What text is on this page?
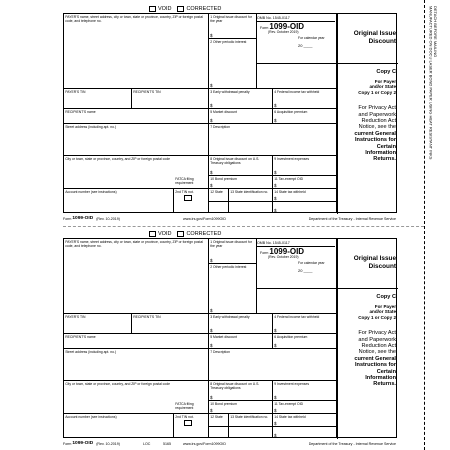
VOID	CORRECTED
PAYER'S name, street address, city or town, state or province, country, ZIP or foreign postal code, and telephone no.
1 Original issue discount for the year
$
2 Other periodic interest
$
PAYER'S TIN	RECIPIENT'S TIN	3 Early withdrawal penalty
$
4 Federal income tax withheld
$
RECIPIENT'S name	5 Market discount
$
6 Acquisition premium
$
Street address (including apt. no.)	7 Description
City or town, state or province, country, and ZIP or foreign postal code	8 Original issue discount on U.S. Treasury obligations
$
9 Investment expenses
$
10 Bond premium
$
11 Tax-exempt OID
$
FATCA filing requirement
Account number (see instructions)	2nd TIN not.	12 State	13 State identification no.	14 State tax withheld
$
$
Original Issue
Discount
Copy C
For Payer
and/or State
Copy 1 or Copy 2
For Privacy Act
and Paperwork
Reduction Act
Notice, see the
current General
Instructions for
Certain
Information
Returns.
OMB No. 1545-0117
Form1099-OID
(Rev. October 2019)
For calendar year
20 ____
Form 1099-OID (Rev. 10-2019)	www.irs.gov/Form1099OID	Department of the Treasury - Internal Revenue Service
VOID	CORRECTED
PAYER'S name, street address, city or town, state or province, country, ZIP or foreign postal code, and telephone no.
1 Original issue discount for the year
$
2 Other periodic interest
$
PAYER'S TIN	RECIPIENT'S TIN	3 Early withdrawal penalty
$
4 Federal income tax withheld
$
RECIPIENT'S name	5 Market discount
$
6 Acquisition premium
$
Street address (including apt. no.)	7 Description
City or town, state or province, country, and ZIP or foreign postal code	8 Original issue discount on U.S. Treasury obligations
$
9 Investment expenses
$
10 Bond premium
$
11 Tax-exempt OID
$
FATCA filing requirement
Account number (see instructions)	2nd TIN not.	12 State	13 State identification no.	14 State tax withheld
$
$
Original Issue
Discount
Copy C
For Payer
and/or State
Copy 1 or Copy 2
For Privacy Act
and Paperwork
Reduction Act
Notice, see the
current General
Instructions for
Certain
Information
Returns.
OMB No. 1545-0117
Form1099-OID
(Rev. October 2019)
For calendar year
20 ____
Form 1099-OID (Rev. 10-2019)	LOC	5165	www.irs.gov/Form1099OID	Department of the Treasury - Internal Revenue Service
DETACH BEFORE MAILING
MANUFACTURED ON DOCU LASER BOND PAPER USING HEAT RESISTANT INKS
